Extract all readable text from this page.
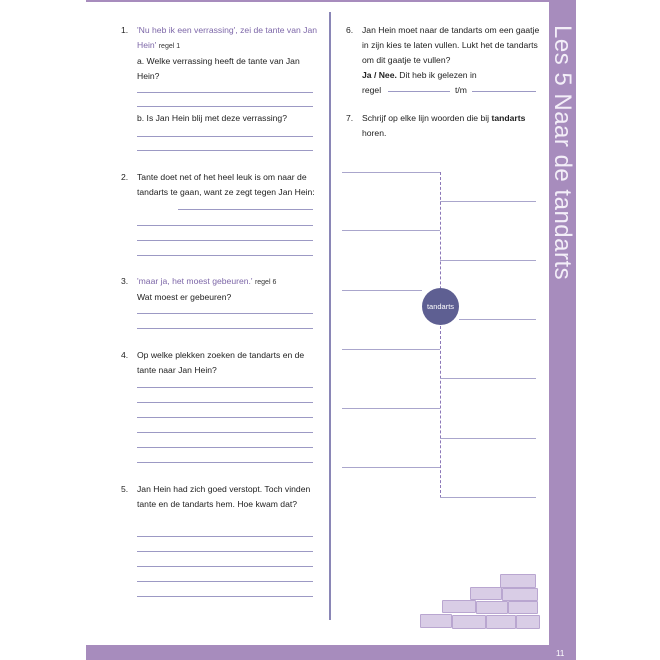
Les 5 Naar de tandarts
11
1.	'Nu heb ik een verrassing', zei de tante van Jan Hein' regel 1
a. Welke verrassing heeft de tante van Jan Hein?
b. Is Jan Hein blij met deze verrassing?
2.	Tante doet net of het heel leuk is om naar de tandarts te gaan, want ze zegt tegen Jan Hein:
3.	'maar ja, het moest gebeuren.' regel 6
Wat moest er gebeuren?
4.	Op welke plekken zoeken de tandarts en de tante naar Jan Hein?
5.	Jan Hein had zich goed verstopt. Toch vinden tante en de tandarts hem. Hoe kwam dat?
6.	Jan Hein moet naar de tandarts om een gaatje in zijn kies te laten vullen. Lukt het de tandarts om dit gaatje te vullen?
Ja / Nee. Dit heb ik gelezen in
regel	t/m
7.	Schrijf op elke lijn woorden die bij tandarts horen.
tandarts
